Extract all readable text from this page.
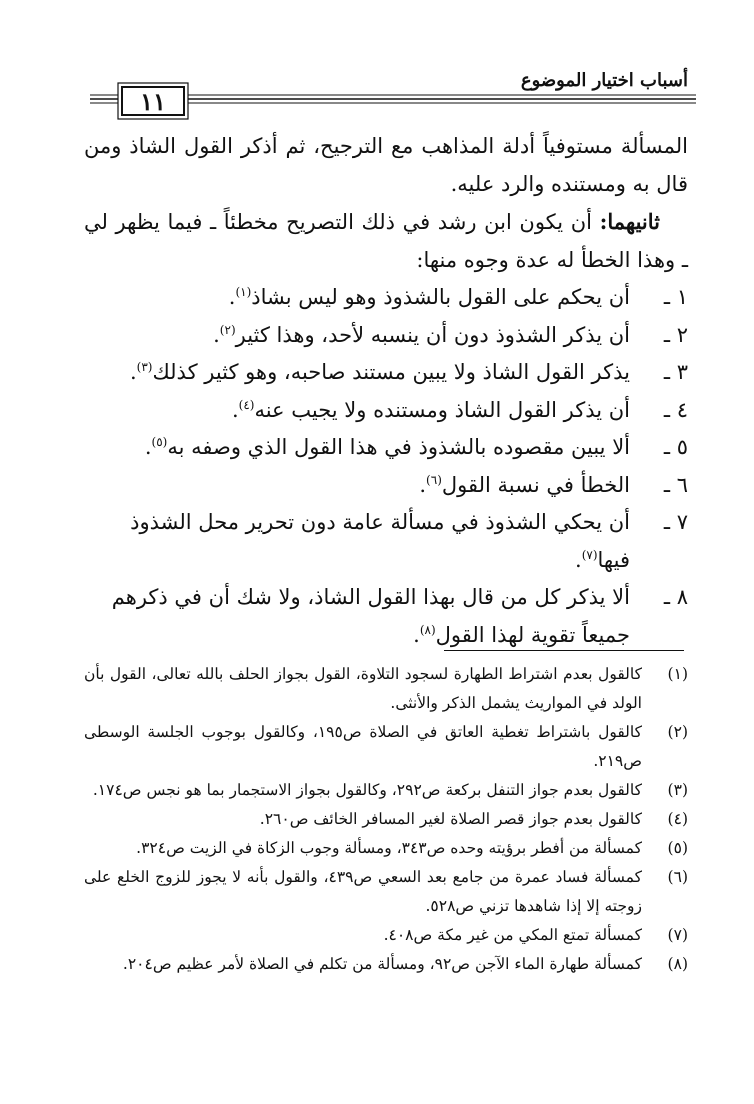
أسباب اختيار الموضوع
١١

المسألة مستوفياً أدلة المذاهب مع الترجيح، ثم أذكر القول الشاذ ومن قال به ومستنده والرد عليه.

ثانيهما: أن يكون ابن رشد في ذلك التصريح مخطئاً ـ فيما يظهر لي ـ وهذا الخطأ له عدة وجوه منها:

١ ـ
أن يحكم على القول بالشذوذ وهو ليس بشاذ$^{(١)}$.
٢ ـ
أن يذكر الشذوذ دون أن ينسبه لأحد، وهذا كثير$^{(٢)}$.
٣ ـ
يذكر القول الشاذ ولا يبين مستند صاحبه، وهو كثير كذلك$^{(٣)}$.
٤ ـ
أن يذكر القول الشاذ ومستنده ولا يجيب عنه$^{(٤)}$.
٥ ـ
ألا يبين مقصوده بالشذوذ في هذا القول الذي وصفه به$^{(٥)}$.
٦ ـ
الخطأ في نسبة القول$^{(٦)}$.
٧ ـ
أن يحكي الشذوذ في مسألة عامة دون تحرير محل الشذوذ فيها$^{(٧)}$.
٨ ـ
ألا يذكر كل من قال بهذا القول الشاذ، ولا شك أن في ذكرهم جميعاً تقوية لهذا القول$^{(٨)}$.
(١)
كالقول بعدم اشتراط الطهارة لسجود التلاوة، القول بجواز الحلف بالله تعالى، القول بأن الولد في المواريث يشمل الذكر والأنثى.
(٢)
كالقول باشتراط تغطية العاتق في الصلاة ص١٩٥، وكالقول بوجوب الجلسة الوسطى ص٢١٩.
(٣)
كالقول بعدم جواز التنفل بركعة ص٢٩٢، وكالقول بجواز الاستجمار بما هو نجس ص١٧٤.
(٤)
كالقول بعدم جواز قصر الصلاة لغير المسافر الخائف ص٢٦٠.
(٥)
كمسألة من أفطر برؤيته وحده ص٣٤٣، ومسألة وجوب الزكاة في الزيت ص٣٢٤.
(٦)
كمسألة فساد عمرة من جامع بعد السعي ص٤٣٩، والقول بأنه لا يجوز للزوج الخلع على زوجته إلا إذا شاهدها تزني ص٥٢٨.
(٧)
كمسألة تمتع المكي من غير مكة ص٤٠٨.
(٨)
كمسألة طهارة الماء الآجن ص٩٢، ومسألة من تكلم في الصلاة لأمر عظيم ص٢٠٤.
